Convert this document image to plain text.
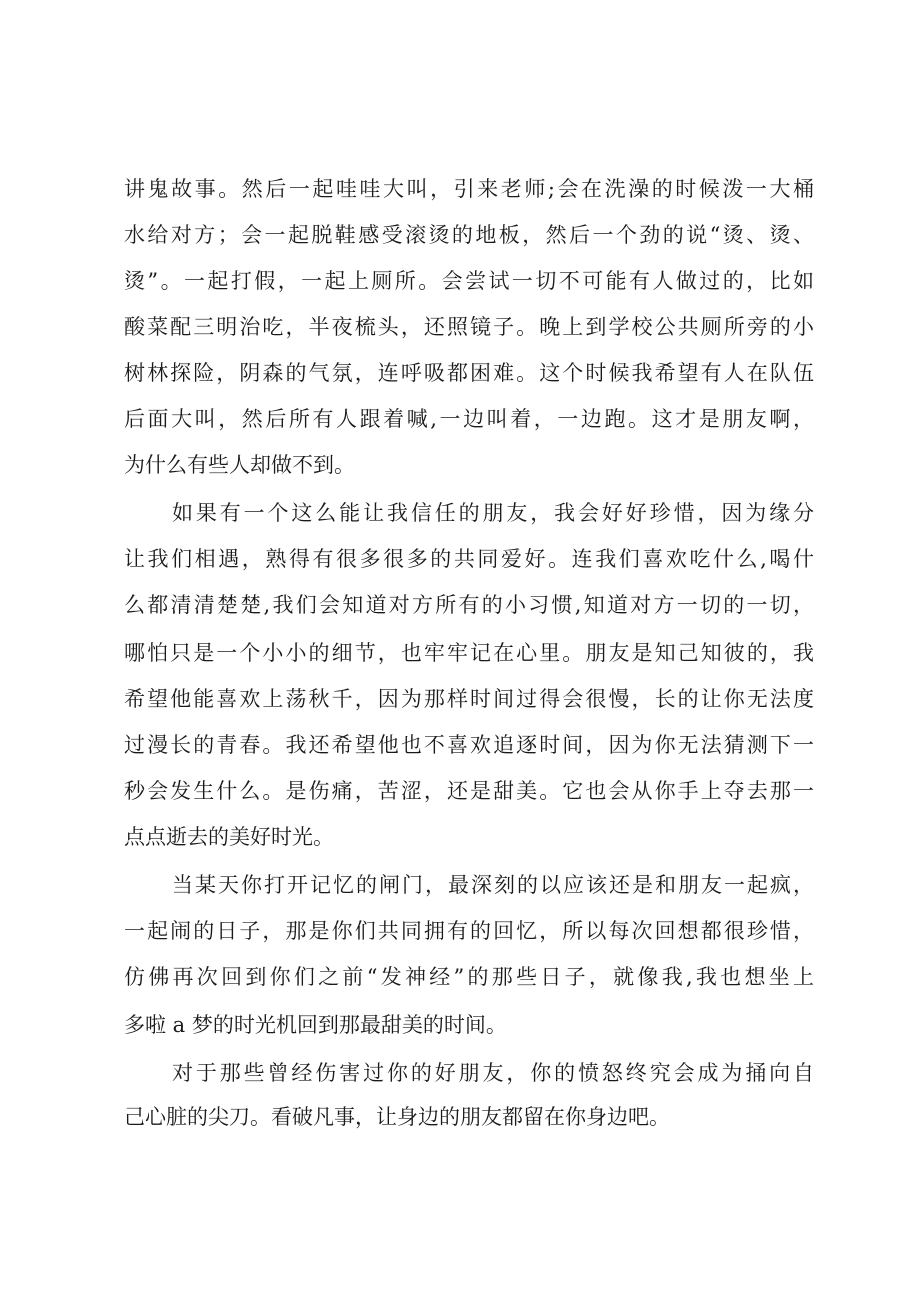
讲鬼故事。然后一起哇哇大叫，引来老师;会在洗澡的时候泼一大桶
水给对方；会一起脱鞋感受滚烫的地板，然后一个劲的说“烫、烫、
烫”。一起打假，一起上厕所。会尝试一切不可能有人做过的，比如
酸菜配三明治吃，半夜梳头，还照镜子。晚上到学校公共厕所旁的小
树林探险，阴森的气氛，连呼吸都困难。这个时候我希望有人在队伍
后面大叫，然后所有人跟着喊,一边叫着，一边跑。这才是朋友啊，
为什么有些人却做不到。
如果有一个这么能让我信任的朋友，我会好好珍惜，因为缘分
让我们相遇，熟得有很多很多的共同爱好。连我们喜欢吃什么,喝什
么都清清楚楚,我们会知道对方所有的小习惯,知道对方一切的一切，
哪怕只是一个小小的细节，也牢牢记在心里。朋友是知己知彼的，我
希望他能喜欢上荡秋千，因为那样时间过得会很慢，长的让你无法度
过漫长的青春。我还希望他也不喜欢追逐时间，因为你无法猜测下一
秒会发生什么。是伤痛，苦涩，还是甜美。它也会从你手上夺去那一
点点逝去的美好时光。
当某天你打开记忆的闸门，最深刻的以应该还是和朋友一起疯，
一起闹的日子，那是你们共同拥有的回忆，所以每次回想都很珍惜，
仿佛再次回到你们之前“发神经”的那些日子，就像我,我也想坐上
多啦 a 梦的时光机回到那最甜美的时间。
对于那些曾经伤害过你的好朋友，你的愤怒终究会成为捅向自
己心脏的尖刀。看破凡事，让身边的朋友都留在你身边吧。
